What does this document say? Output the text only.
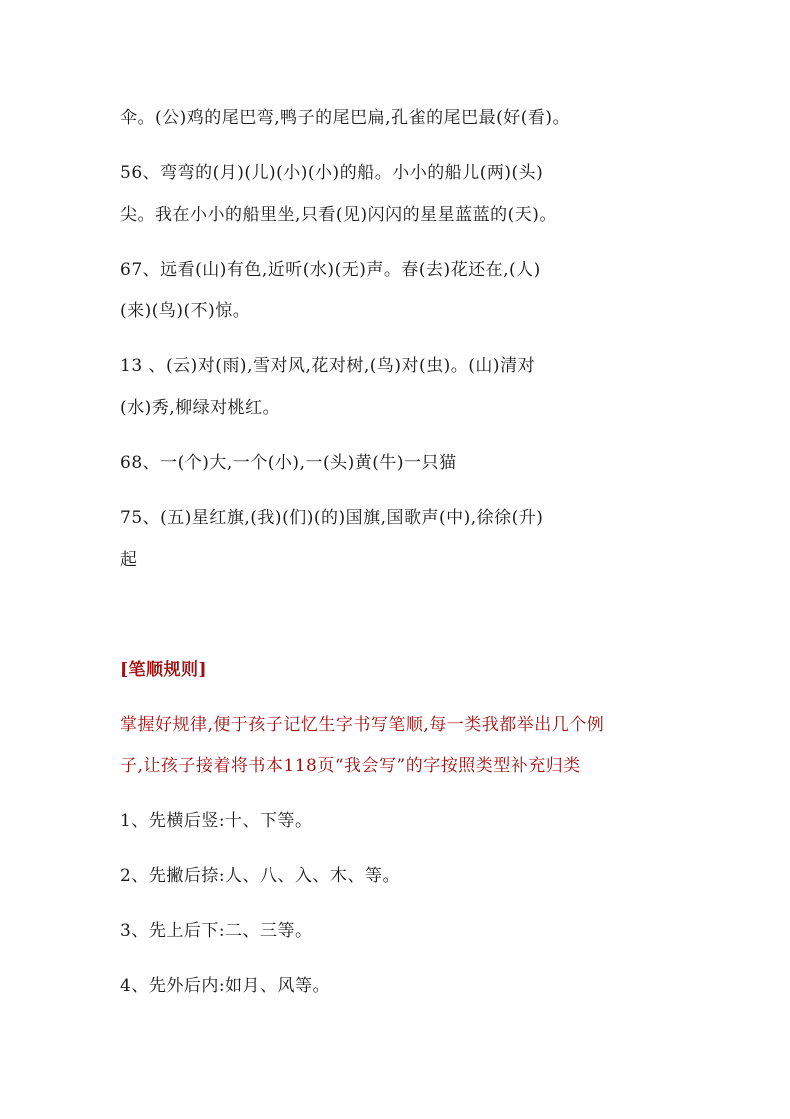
伞。(公)鸡的尾巴弯,鸭子的尾巴扁,孔雀的尾巴最(好(看)。
56、弯弯的(月)(儿)(小)(小)的船。小小的船儿(两)(头)
尖。我在小小的船里坐,只看(见)闪闪的星星蓝蓝的(天)。
67、远看(山)有色,近听(水)(无)声。春(去)花还在,(人)
(来)(鸟)(不)惊。
13 、(云)对(雨),雪对风,花对树,(鸟)对(虫)。(山)清对
(水)秀,柳绿对桃红。
68、一(个)大,一个(小),一(头)黄(牛)一只猫
75、(五)星红旗,(我)(们)(的)国旗,国歌声(中),徐徐(升)
起
[笔顺规则]
掌握好规律,便于孩子记忆生字书写笔顺,每一类我都举出几个例
子,让孩子接着将书本118页“我会写”的字按照类型补充归类
1、先横后竖:十、下等。
2、先撇后捺:人、八、入、木、等。
3、先上后下:二、三等。
4、先外后内:如月、风等。
